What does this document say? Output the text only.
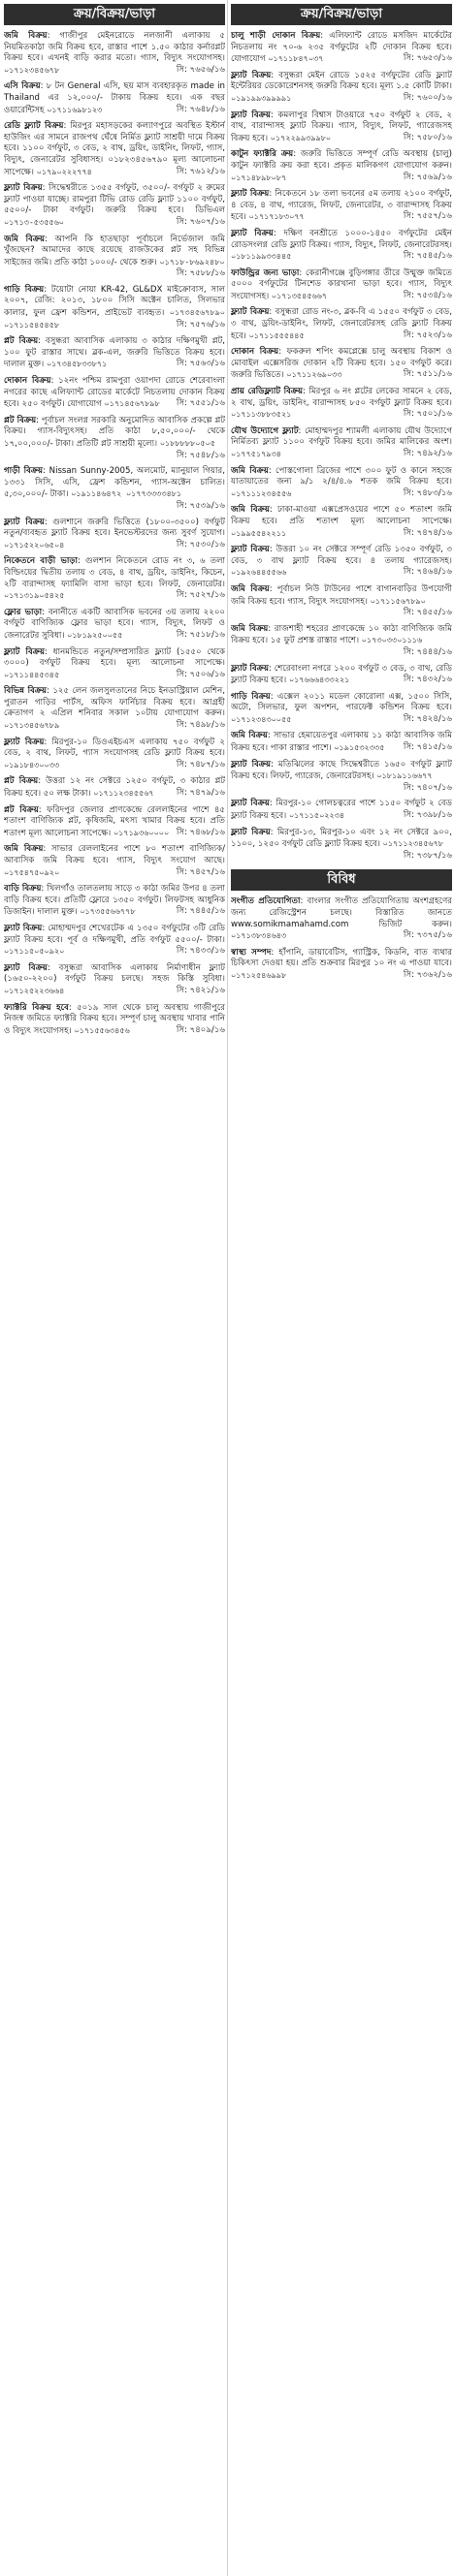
ক্রয়/বিক্রয়/ভাড়া

জমি বিক্রয়: গাজীপুর মেইনরোডে নলজানী এলাকায় ৫ নিয়মিতকাঠা জমি বিক্রয় হবে, রাস্তার পাশে ১.৫০ কাঠার কর্নারপ্লট বিক্রয় হবে। এখনই বাড়ি করার মতো। গ্যাস, বিদ্যুৎ সংযোগসহ। ০১৭১২৩৪৫৬৭৮	সি: ৭৬৫৬/১৬

এসি বিক্রয়: ৮ টন General এসি, ছয় মাস ব্যবহারকৃত made in Thailand এর ১২,০০০/- টাকায় বিক্রয় হবে। এক বছর ওয়ারেন্টিসহ ০১৭১১৬৯৮১২৩	সি: ৭৬৪৮/১৬

রেডি ফ্ল্যাট বিক্রয়: মিরপুর মহাসড়কের কল্যাণপুরে অবস্থিত ইস্টার্ন হাউজিং এর সামনে রাজপথ ঘেঁষে নির্মিত ফ্ল্যাট সাশ্রয়ী দামে বিক্রয় হবে। ১১০০ বর্গফুট, ৩ বেড, ২ বাথ, ড্রয়িং, ডাইনিং, লিফট, গ্যাস, বিদ্যুৎ, জেনারেটর সুবিধাসহ। ০১৮২৩৪৫৬৭৯০ মূল্য আলোচনা সাপেক্ষে। ০১৭৯০২২২৭৭৪	সি: ৭৬১২/১৬

ফ্ল্যাট বিক্রয়: সিদ্ধেশ্বরীতে ১৩৫৫ বর্গফুট, ৩৫০০/- বর্গফুট ২ রুমের ফ্ল্যাট পাওয়া যাচ্ছে। রামপুরা টিভি রোড রেডি ফ্ল্যাট ১১০০ বর্গফুট, ৫৫০০/- টাকা বর্গফুট। জরুরি বিক্রয় হবে। ডিভিএল ০১৭১৩-৫৩৫৫৬০	সি: ৭৬০৭/১৬

জমি বিক্রয়: আপনি কি হাতছাড়া পূর্বাচলে নির্ভেজাল জমি খুঁজছেন? আমাদের কাছে রয়েছে রাজউকের প্লট সহ বিভিন্ন সাইজের জমি। প্রতি কাঠা ১০০০/- থেকে শুরু। ০১৭১৮-৮৬৯২৪৮০
সি: ৭৫৮৮/১৬

গাড়ি বিক্রয়: টয়োটা নোয়া KR-42, GL&DX মাইক্রোবাস, সাল ২০০৭, রেজি: ২০১৩, ১৮০০ সিসি অক্টেন চালিত, সিলভার কালার, ফুল ফ্রেশ কন্ডিশন, প্রাইভেট ব্যবহৃত। ০১৭৩৪৫৬৭৮৯০ ০১৭১১৫৪৫৪৫৮	সি: ৭৫৭৬/১৬

প্লট বিক্রয়: বসুন্ধরা আবাসিক এলাকায় ৩ কাঠার দক্ষিণমুখী প্লট, ১০০ ফুট রাস্তার সাথে। ব্লক-এল, জরুরি ভিত্তিতে বিক্রয় হবে। দালাল মুক্ত। ০১৭৩৪৫৮৩৩৮৭১	সি: ৭৫৬৩/১৬

দোকান বিক্রয়: ১২নং পশ্চিম রামপুরা ওয়াপদা রোডে শেরেবাংলা নগরের কাছে এলিফ্যান্ট রোডের মার্কেটে নিচতলায় দোকান বিক্রয় হবে। ২৫০ বর্গফুট। যোগাযোগ ০১৭১৪৫৬৭৮৯৮ সি: ৭৫৫১/১৬

প্লট বিক্রয়: পূর্বাচল সংলগ্ন সরকারি অনুমোদিত আবাসিক প্রকল্পে প্লট বিক্রয়। গ্যাস-বিদ্যুৎসহ। প্রতি কাঠা ৮,৫০,০০০/- থেকে ১৭,০০,০০০/- টাকা। প্রতিটি প্লট সাশ্রয়ী মূল্যে। ০১৮৮৮৮৮০৫০৫
সি: ৭৫৪৮/১৬

গাড়ী বিক্রয়: Nissan Sunny-2005, অলমোট, ম্যানুয়াল গিয়ার, ১৩৩১ সিসি, এসি, ফ্রেশ কন্ডিশন, গ্যাস-অক্টেন চালিত। ৫,৩০,০০০/- টাকা। ০১৯১১৪৬৪৭২ ০১৭৭৩৩৩৩৪৮১
সি: ৭৫৩৯/১৬

ফ্ল্যাট বিক্রয়: গুলশানে জরুরি ভিত্তিতে (১৮০০-৩৫০০) বর্গফুট নতুন/ব্যবহৃত ফ্ল্যাট বিক্রয় হবে। ইনভেস্টরদের জন্য সুবর্ণ সুযোগ। ০১৭১৫২২০৬৫০৪	সি: ৭৫৩০/১৬

নিকেতনে বাড়ী ভাড়া: গুলশান নিকেতনে রোড নং ৩, ৬ তলা বিল্ডিংয়ের দ্বিতীয় তলায় ৩ বেড, ৪ বাথ, ড্রয়িং, ডাইনিং, কিচেন, ২টি বারান্দাসহ ফ্যামিলি বাসা ভাড়া হবে। লিফট, জেনারেটর। ০১৭১৩১৯০৫৪২৫	সি: ৭৫২৭/১৬

ফ্লোর ভাড়া: বনানীতে একটি আবাসিক ভবনের ৩য় তলায় ২২০০ বর্গফুট বাণিজ্যিক ফ্লোর ভাড়া হবে। গ্যাস, বিদ্যুৎ, লিফট ও জেনারেটর সুবিধা। ০১৮১৯২৫০০৫৫	সি: ৭৫১৮/১৬

ফ্ল্যাট বিক্রয়: ধানমন্ডিতে নতুন/সম্প্রসারিত ফ্ল্যাট (১৫৫০ থেকে ৩০০০) বর্গফুট বিক্রয় হবে। মূল্য আলোচনা সাপেক্ষে। ০১৭১১৪৪৫৩৪৫	সি: ৭৫০৬/১৬

বিভিন্ন বিক্রয়: ১২৫ লেন জলসুলতানের নিচে ইনডাস্ট্রিয়াল মেশিন, পুরাতন গাড়ির পার্টস, অফিস ফার্নিচার বিক্রয় হবে। আগ্রহী ক্রেতাগণ ২ এপ্রিল শনিবার সকাল ১০টায় যোগাযোগ করুন। ০১৭১৩৪৫৬৭৮৯	সি: ৭৪৯৮/১৬

ফ্ল্যাট বিক্রয়: মিরপুর-১০ ডিওএইচএস এলাকায় ৭৫০ বর্গফুট ২ বেড, ২ বাথ, লিফট, গ্যাস সংযোগসহ রেডি ফ্ল্যাট বিক্রয় হবে। ০১৯১৮৪৩০০৩৩	সি: ৭৪৮৭/১৬

প্লট বিক্রয়: উত্তরা ১২ নং সেক্টরে ১২৫০ বর্গফুট, ৩ কাঠার প্লট বিক্রয় হবে। ৫০ লক্ষ টাকা। ০১৭১১২৩৪৫৫৬৭	সি: ৭৪৭৯/১৬

প্লট বিক্রয়: ফরিদপুর জেলার প্রাণকেন্দ্রে রেললাইনের পাশে ৪৫ শতাংশ বাণিজ্যিক প্লট, কৃষিজমি, মৎস্য খামার বিক্রয় হবে। প্রতি শতাংশ মূল্য আলোচনা সাপেক্ষে। ০১৭১৯৩৬০০০০ সি: ৭৪৬৮/১৬

জমি বিক্রয়: সাভার রেললাইনের পাশে ৮০ শতাংশ বাণিজ্যিক/আবাসিক জমি বিক্রয় হবে। গ্যাস, বিদ্যুৎ সংযোগ আছে। ০১৭৫৪৭৫০৯২০	সি: ৭৪৫৭/১৬

বাড়ি বিক্রয়: খিলগাঁও তালতলায় সাড়ে ৩ কাঠা জমির উপর ৪ তলা বাড়ি বিক্রয় হবে। প্রতিটি ফ্লোরে ১৩৫০ বর্গফুট। লিফটসহ আধুনিক ডিজাইন। দালাল মুক্ত। ০১৭৩৫৫৬৬৭৭৮	সি: ৭৪৪৫/১৬

ফ্ল্যাট বিক্রয়: মোহাম্মদপুর শেখেরটেক এ ১৩৫০ বর্গফুটের ৩টি রেডি ফ্ল্যাট বিক্রয় হবে। পূর্ব ও দক্ষিণমুখী, প্রতি বর্গফুট ৫৫০০/- টাকা। ০১৭১১৫০৫০৯২০	সি: ৭৪৩৩/১৬

ফ্ল্যাট বিক্রয়: বসুন্ধরা আবাসিক এলাকায় নির্মাণাধীন ফ্ল্যাট (১৬৫০-২২০০) বর্গফুট বিক্রয় চলছে। সহজ কিস্তি সুবিধা। ০১৭১২৫২২৩৬৬৪	সি: ৭৪২১/১৬

ফ্যাক্টরি বিক্রয় হবে: ৫০১৯ সাল থেকে চালু অবস্থায় গাজীপুরে নিজস্ব জমিতে ফ্যাক্টরি বিক্রয় হবে। সম্পূর্ণ চালু অবস্থায় খাবার পানি ও বিদ্যুৎ সংযোগসহ। ০১৭১৫৫৬৩৪৫৬	সি: ৭৪০৯/১৬

ক্রয়/বিক্রয়/ভাড়া

চালু শাড়ী দোকান বিক্রয়: এলিফ্যান্ট রোডে মসজিদ মার্কেটের নিচতলায় নং ৭০-৬ ২৩৫ বর্গফুটের ২টি দোকান বিক্রয় হবে। যোগাযোগ ০১৭১১৮৪৭০৩৭	সি: ৭৬৫৩/১৬

ফ্ল্যাট বিক্রয়: বসুন্ধরা মেইন রোডে ১৫২৫ বর্গফুটের রেডি ফ্ল্যাট ইন্টেরিয়র ডেকোরেশনসহ জরুরি বিক্রয় হবে। মূল্য ১.৫ কোটি টাকা। ০১৯১৯৯৩৯৯৯৯১	সি: ৭৬০০/১৬

ফ্ল্যাট বিক্রয়: কমলাপুর বিশ্বাস টাওয়ারে ৭৫০ বর্গফুট ২ বেড, ২ বাথ, বারান্দাসহ ফ্ল্যাট বিক্রয়। গ্যাস, বিদ্যুৎ, লিফট, গ্যারেজসহ বিক্রয় হবে। ০১৭২২৯৯৩৯৯৮০	সি: ৭৫৮০/১৬

কাটুন ফ্যাক্টরি ক্রয়: জরুরি ভিত্তিতে সম্পূর্ণ রেডি অবস্থায় (চালু) কাটুন ফ্যাক্টরি ক্রয় করা হবে। প্রকৃত মালিকগণ যোগাযোগ করুন। ০১৭১৪৮৯৮০৮৭	সি: ৭৫৬৯/১৬

ফ্ল্যাট বিক্রয়: নিকেতনে ১৮ তলা ভবনের ৫ম তলায় ২১০০ বর্গফুট, ৪ বেড, ৪ বাথ, গ্যারেজ, লিফট, জেনারেটর, ৩ বারান্দাসহ বিক্রয় হবে। ০১৭১৭১৮৩০৭৭	সি: ৭৫৫৭/১৬

ফ্ল্যাট বিক্রয়: দক্ষিণ বনশ্রীতে ১০০০-১৪৫০ বর্গফুটের মেইন রোডসংলগ্ন রেডি ফ্ল্যাট বিক্রয়। গ্যাস, বিদ্যুৎ, লিফট, জেনারেটরসহ। ০১৮১১৯৯৩৩৪৪৫	সি: ৭৫৪৫/১৬

ফাউন্ড্রির জন্য ভাড়া: কেরানীগঞ্জে বুড়িগঙ্গার তীরে উন্মুক্ত জমিতে ৫০০০ বর্গফুটের টিনশেড কারখানা ভাড়া হবে। গ্যাস, বিদ্যুৎ সংযোগসহ। ০১৭১৩৫৪৫৬৬৭	সি: ৭৫৩৪/১৬

ফ্ল্যাট বিক্রয়: বসুন্ধরা রোড নং-৩, ব্লক-বি এ ১৫৫০ বর্গফুট ৩ বেড, ৩ বাথ, ড্রয়িং-ডাইনিং, লিফট, জেনারেটরসহ রেডি ফ্ল্যাট বিক্রয় হবে। ০১৭১১৫৫৫৪৪৫	সি: ৭৫২৩/১৬

দোকান বিক্রয়: ফকরুল শপিং কমপ্লেক্সে চালু অবস্থায় বিকাশ ও মোবাইল এক্সেসরিজ দোকান ২টি বিক্রয় হবে। ১৫০ বর্গফুট করে। জরুরি ভিত্তিতে। ০১৭১১২৬৯০৩৩	সি: ৭৫১১/১৬

প্রায় রেডিফ্ল্যাট বিক্রয়: মিরপুর ৬ নং প্লটের লেকের সামনে ২ বেড, ২ বাথ, ড্রয়িং, ডাইনিং, বারান্দাসহ ৮৫০ বর্গফুট ফ্ল্যাট বিক্রয় হবে। ০১৭১১৩৮৮৩৫২১	সি: ৭৫০১/১৬

যৌথ উদ্যোগে ফ্ল্যাট: মোহাম্মদপুর শ্যামলী এলাকায় যৌথ উদ্যোগে নির্মিতব্য ফ্ল্যাট ১১০০ বর্গফুট বিক্রয় হবে। জমির মালিকের অংশ। ০১৭৭৫১৭৯৩৪	সি: ৭৪৯২/১৬

জমি বিক্রয়: পোস্তগোলা ব্রিজের পাশে ৩০০ ফুট ও কানে সহজে যাতায়াতের জন্য ৯/১ ২/৪/৪.৬ শতক জমি বিক্রয় হবে। ০১৭১১১২৩৪৫৫৬	সি: ৭৪৮৩/১৬

জমি বিক্রয়: ঢাকা-মাওয়া এক্সপ্রেসওয়ের পাশে ৫০ শতাংশ জমি বিক্রয় হবে। প্রতি শতাংশ মূল্য আলোচনা সাপেক্ষে। ০১৯৯৫৫৪২২১১	সি: ৭৪৭৪/১৬

ফ্ল্যাট বিক্রয়: উত্তরা ১০ নং সেক্টরে সম্পূর্ণ রেডি ১৩৫০ বর্গফুট, ৩ বেড, ৩ বাথ ফ্ল্যাট বিক্রয় হবে। ৪ তলায় গ্যারেজসহ। ০১৯২৬৪৪৫৫৬৬	সি: ৭৪৬৪/১৬

জমি বিক্রয়: পূর্বাচল নিউ টাউনের পাশে বাগানবাড়ির উপযোগী জমি বিক্রয় হবে। গ্যাস, বিদ্যুৎ সংযোগসহ। ০১৭১১৫৬৭৮৯০
সি: ৭৪৫৫/১৬

জমি বিক্রয়: রাজশাহী শহরের প্রাণকেন্দ্রে ১০ কাঠা বাণিজ্যিক জমি বিক্রয় হবে। ১৫ ফুট প্রশস্ত রাস্তার পাশে। ০১৭৩০৩৩০১১১৬
সি: ৭৪৪৪/১৬

ফ্ল্যাট বিক্রয়: শেরেবাংলা নগরে ১২০০ বর্গফুট ৩ বেড, ৩ বাথ, রেডি ফ্ল্যাট বিক্রয় হবে। ০১৭৬৬৬৪৩৩২২১	সি: ৭৪৩২/১৬

গাড়ি বিক্রয়: এক্সেল ২০১১ মডেল কোরোলা এক্স, ১৫০০ সিসি, অটো, সিলভার, ফুল অপশন, পারফেক্ট কন্ডিশন বিক্রয় হবে। ০১৭১২৩৪৩০০৫৫	সি: ৭৪২৪/১৬

জমি বিক্রয়: সাভার হেমায়েতপুর এলাকায় ১১ কাঠা আবাসিক জমি বিক্রয় হবে। পাকা রাস্তার পাশে। ০১৯১৫৩২৩৩৫ সি: ৭৪১৫/১৬

ফ্ল্যাট বিক্রয়: মতিঝিলের কাছে সিদ্ধেশ্বরীতে ১৬৫০ বর্গফুট ফ্ল্যাট বিক্রয় হবে। লিফট, গ্যারেজ, জেনারেটরসহ। ০১৮১৯১১৬৬৭৭
সি: ৭৪০৭/১৬

ফ্ল্যাট বিক্রয়: মিরপুর-১০ গোলচত্বরের পাশে ১১৫০ বর্গফুট ২ বেড ফ্ল্যাট বিক্রয় হবে। ০১৭১১৫০২২৩৪	সি: ৭৩৯৮/১৬

ফ্ল্যাট বিক্রয়: মিরপুর-১৩, মিরপুর-১০ এবং ১২ নং সেক্টরে ৯০০, ১১০০, ১২৫০ বর্গফুট রেডি ফ্ল্যাট বিক্রয় হবে। ০১৭১১২৩৪৫৬৭৮
সি: ৭৩৮৭/১৬

বিবিধ

সংগীত প্রতিযোগিতা: বাংলার সংগীত প্রতিযোগিতায় অংশগ্রহণের জন্য রেজিস্ট্রেশন চলছে। বিস্তারিত জানতে www.somikmamahamd.com ভিজিট করুন। ০১৭১৩৮৩৪৬৪৩	সি: ৭৩৭৫/১৬

স্বাস্থ্য সম্পদ: হাঁপানি, ডায়াবেটিস, গ্যাস্ট্রিক, কিডনি, বাত ব্যথার চিকিৎসা দেওয়া হয়। প্রতি শুক্রবার মিরপুর ১০ নং এ পাওয়া যাবে। ০১৭১২৫৪৬৯৯৮	সি: ৭৩৬২/১৬
